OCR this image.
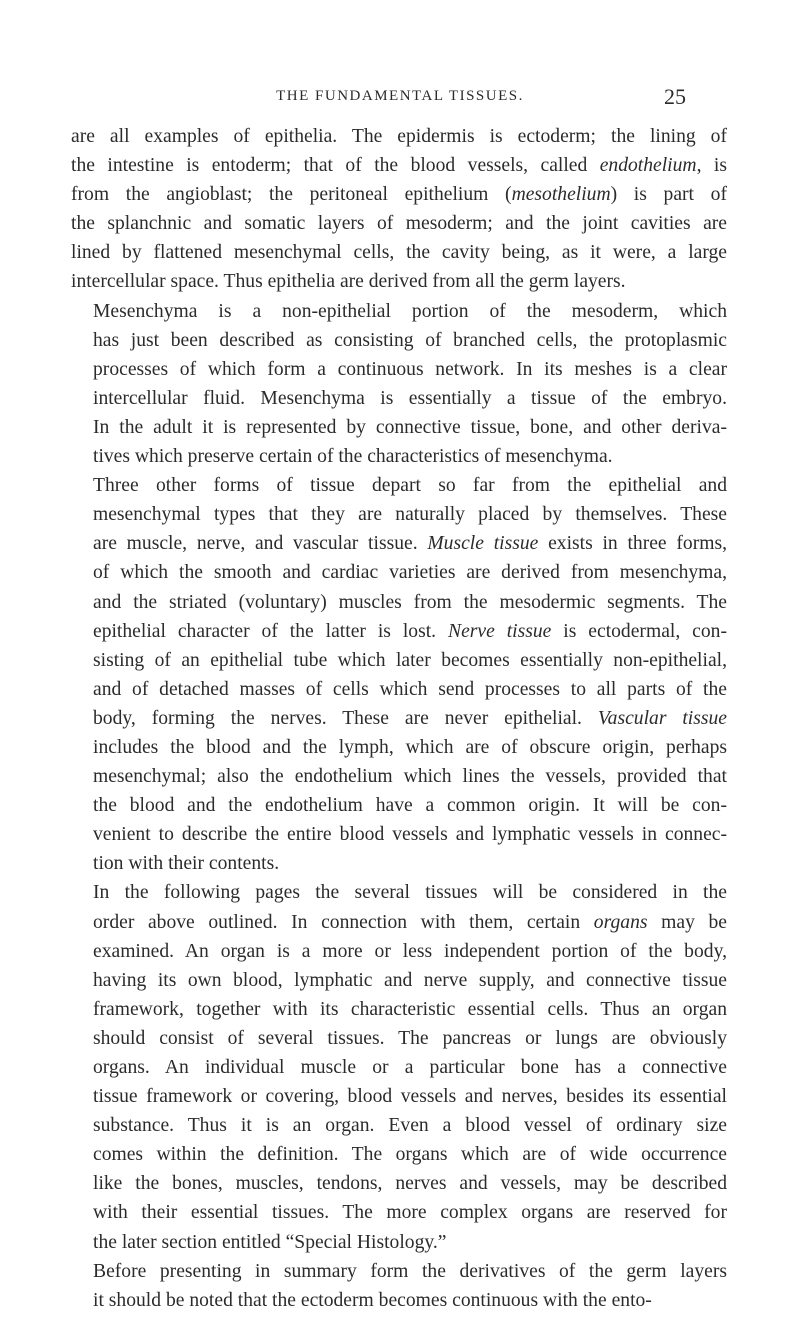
THE FUNDAMENTAL TISSUES.	25

are all examples of epithelia. The epidermis is ectoderm; the lining of
the intestine is entoderm; that of the blood vessels, called endothelium, is
from the angioblast; the peritoneal epithelium (mesothelium) is part of
the splanchnic and somatic layers of mesoderm; and the joint cavities are
lined by flattened mesenchymal cells, the cavity being, as it were, a large
intercellular space. Thus epithelia are derived from all the germ layers.

Mesenchyma is a non-epithelial portion of the mesoderm, which
has just been described as consisting of branched cells, the protoplasmic
processes of which form a continuous network. In its meshes is a clear
intercellular fluid. Mesenchyma is essentially a tissue of the embryo.
In the adult it is represented by connective tissue, bone, and other deriva-
tives which preserve certain of the characteristics of mesenchyma.

Three other forms of tissue depart so far from the epithelial and
mesenchymal types that they are naturally placed by themselves. These
are muscle, nerve, and vascular tissue. Muscle tissue exists in three forms,
of which the smooth and cardiac varieties are derived from mesenchyma,
and the striated (voluntary) muscles from the mesodermic segments. The
epithelial character of the latter is lost. Nerve tissue is ectodermal, con-
sisting of an epithelial tube which later becomes essentially non-epithelial,
and of detached masses of cells which send processes to all parts of the
body, forming the nerves. These are never epithelial. Vascular tissue
includes the blood and the lymph, which are of obscure origin, perhaps
mesenchymal; also the endothelium which lines the vessels, provided that
the blood and the endothelium have a common origin. It will be con-
venient to describe the entire blood vessels and lymphatic vessels in connec-
tion with their contents.

In the following pages the several tissues will be considered in the
order above outlined. In connection with them, certain organs may be
examined. An organ is a more or less independent portion of the body,
having its own blood, lymphatic and nerve supply, and connective tissue
framework, together with its characteristic essential cells. Thus an organ
should consist of several tissues. The pancreas or lungs are obviously
organs. An individual muscle or a particular bone has a connective
tissue framework or covering, blood vessels and nerves, besides its essential
substance. Thus it is an organ. Even a blood vessel of ordinary size
comes within the definition. The organs which are of wide occurrence
like the bones, muscles, tendons, nerves and vessels, may be described
with their essential tissues. The more complex organs are reserved for
the later section entitled “Special Histology.”

Before presenting in summary form the derivatives of the germ layers
it should be noted that the ectoderm becomes continuous with the ento-
